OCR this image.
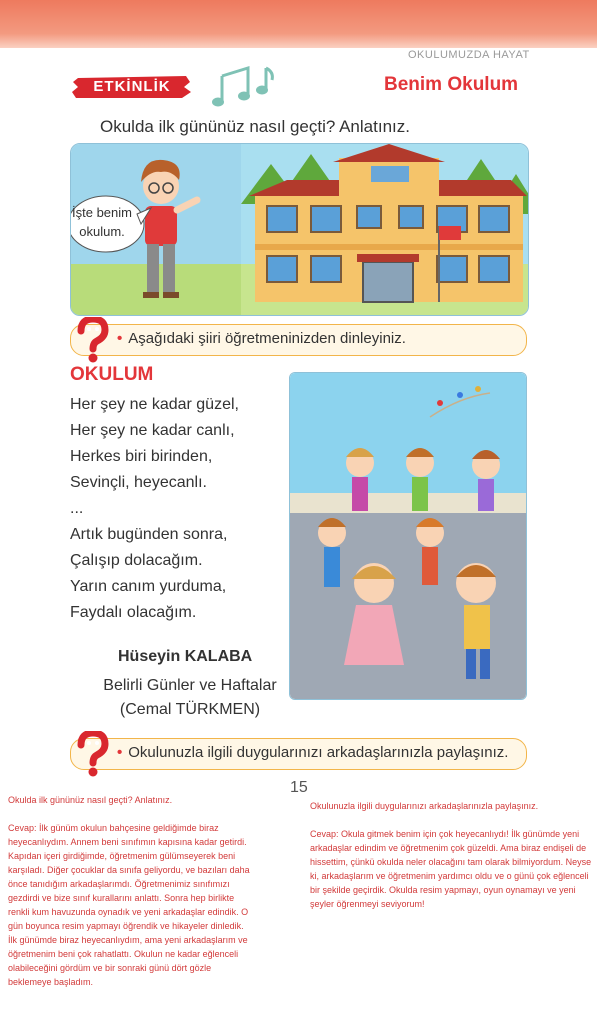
OKULUMUZDA HAYAT
ETKİNLİK	Benim Okulum
Okulda ilk gününüz nasıl geçti? Anlatınız.
İşte benim okulum.
• Aşağıdaki şiiri öğretmeninizden dinleyiniz.
OKULUM
Her şey ne kadar güzel,
Her şey ne kadar canlı,
Herkes biri birinden,
Sevinçli, heyecanlı.
...
Artık bugünden sonra,
Çalışıp dolacağım.
Yarın canım yurduma,
Faydalı olacağım.
Hüseyin KALABA
Belirli Günler ve Haftalar
(Cemal TÜRKMEN)
• Okulunuzla ilgili duygularınızı arkadaşlarınızla paylaşınız.
15

Okulda ilk gününüz nasıl geçti? Anlatınız.

Cevap: İlk günüm okulun bahçesine geldiğimde biraz heyecanlıydım. Annem beni sınıfımın kapısına kadar getirdi. Kapıdan içeri girdiğimde, öğretmenim gülümseyerek beni karşıladı. Diğer çocuklar da sınıfa geliyordu, ve bazıları daha önce tanıdığım arkadaşlarımdı. Öğretmenimiz sınıfımızı gezdirdi ve bize sınıf kurallarını anlattı. Sonra hep birlikte renkli kum havuzunda oynadık ve yeni arkadaşlar edindik. O gün boyunca resim yapmayı öğrendik ve hikayeler dinledik. İlk günümde biraz heyecanlıydım, ama yeni arkadaşlarım ve öğretmenim beni çok rahatlattı. Okulun ne kadar eğlenceli olabileceğini gördüm ve bir sonraki günü dört gözle beklemeye başladım.

Okulunuzla ilgili duygularınızı arkadaşlarınızla paylaşınız.

Cevap: Okula gitmek benim için çok heyecanlıydı! İlk günümde yeni arkadaşlar edindim ve öğretmenim çok güzeldi. Ama biraz endişeli de hissettim, çünkü okulda neler olacağını tam olarak bilmiyordum. Neyse ki, arkadaşlarım ve öğretmenim yardımcı oldu ve o günü çok eğlenceli bir şekilde geçirdik. Okulda resim yapmayı, oyun oynamayı ve yeni şeyler öğrenmeyi seviyorum!
